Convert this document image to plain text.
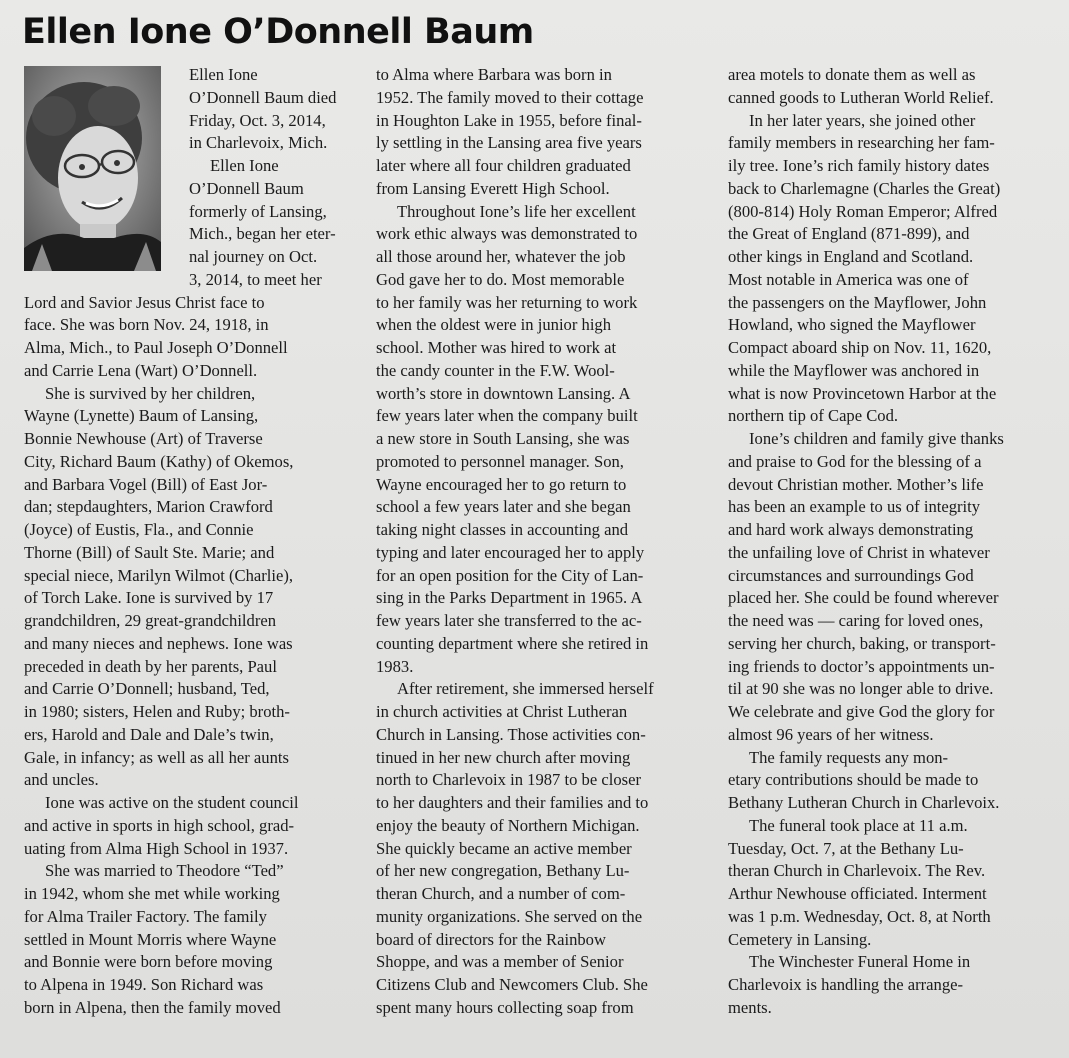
Ellen Ione O’Donnell Baum

Ellen Ione

O’Donnell Baum died

Friday, Oct. 3, 2014,

in Charlevoix, Mich.

Ellen Ione

O’Donnell Baum

formerly of Lansing,

Mich., began her eter-

nal journey on Oct.

3, 2014, to meet her

Lord and Savior Jesus Christ face to

face. She was born Nov. 24, 1918, in

Alma, Mich., to Paul Joseph O’Donnell

and Carrie Lena (Wart) O’Donnell.

She is survived by her children,

Wayne (Lynette) Baum of Lansing,

Bonnie Newhouse (Art) of Traverse

City, Richard Baum (Kathy) of Okemos,

and Barbara Vogel (Bill) of East Jor-

dan; stepdaughters, Marion Crawford

(Joyce) of Eustis, Fla., and Connie

Thorne (Bill) of Sault Ste. Marie; and

special niece, Marilyn Wilmot (Charlie),

of Torch Lake. Ione is survived by 17

grandchildren, 29 great-grandchildren

and many nieces and nephews. Ione was

preceded in death by her parents, Paul

and Carrie O’Donnell; husband, Ted,

in 1980; sisters, Helen and Ruby; broth-

ers, Harold and Dale and Dale’s twin,

Gale, in infancy; as well as all her aunts

and uncles.

Ione was active on the student council

and active in sports in high school, grad-

uating from Alma High School in 1937.

She was married to Theodore “Ted”

in 1942, whom she met while working

for Alma Trailer Factory. The family

settled in Mount Morris where Wayne

and Bonnie were born before moving

to Alpena in 1949. Son Richard was

born in Alpena, then the family moved

to Alma where Barbara was born in

1952. The family moved to their cottage

in Houghton Lake in 1955, before final-

ly settling in the Lansing area five years

later where all four children graduated

from Lansing Everett High School.

Throughout Ione’s life her excellent

work ethic always was demonstrated to

all those around her, whatever the job

God gave her to do. Most memorable

to her family was her returning to work

when the oldest were in junior high

school. Mother was hired to work at

the candy counter in the F.W. Wool-

worth’s store in downtown Lansing. A

few years later when the company built

a new store in South Lansing, she was

promoted to personnel manager. Son,

Wayne encouraged her to go return to

school a few years later and she began

taking night classes in accounting and

typing and later encouraged her to apply

for an open position for the City of Lan-

sing in the Parks Department in 1965. A

few years later she transferred to the ac-

counting department where she retired in

1983.

After retirement, she immersed herself

in church activities at Christ Lutheran

Church in Lansing. Those activities con-

tinued in her new church after moving

north to Charlevoix in 1987 to be closer

to her daughters and their families and to

enjoy the beauty of Northern Michigan.

She quickly became an active member

of her new congregation, Bethany Lu-

theran Church, and a number of com-

munity organizations. She served on the

board of directors for the Rainbow

Shoppe, and was a member of Senior

Citizens Club and Newcomers Club. She

spent many hours collecting soap from

area motels to donate them as well as

canned goods to Lutheran World Relief.

In her later years, she joined other

family members in researching her fam-

ily tree. Ione’s rich family history dates

back to Charlemagne (Charles the Great)

(800-814) Holy Roman Emperor; Alfred

the Great of England (871-899), and

other kings in England and Scotland.

Most notable in America was one of

the passengers on the Mayflower, John

Howland, who signed the Mayflower

Compact aboard ship on Nov. 11, 1620,

while the Mayflower was anchored in

what is now Provincetown Harbor at the

northern tip of Cape Cod.

Ione’s children and family give thanks

and praise to God for the blessing of a

devout Christian mother. Mother’s life

has been an example to us of integrity

and hard work always demonstrating

the unfailing love of Christ in whatever

circumstances and surroundings God

placed her. She could be found wherever

the need was — caring for loved ones,

serving her church, baking, or transport-

ing friends to doctor’s appointments un-

til at 90 she was no longer able to drive.

We celebrate and give God the glory for

almost 96 years of her witness.

The family requests any mon-

etary contributions should be made to

Bethany Lutheran Church in Charlevoix.

The funeral took place at 11 a.m.

Tuesday, Oct. 7, at the Bethany Lu-

theran Church in Charlevoix. The Rev.

Arthur Newhouse officiated. Interment

was 1 p.m. Wednesday, Oct. 8, at North

Cemetery in Lansing.

The Winchester Funeral Home in

Charlevoix is handling the arrange-

ments.
